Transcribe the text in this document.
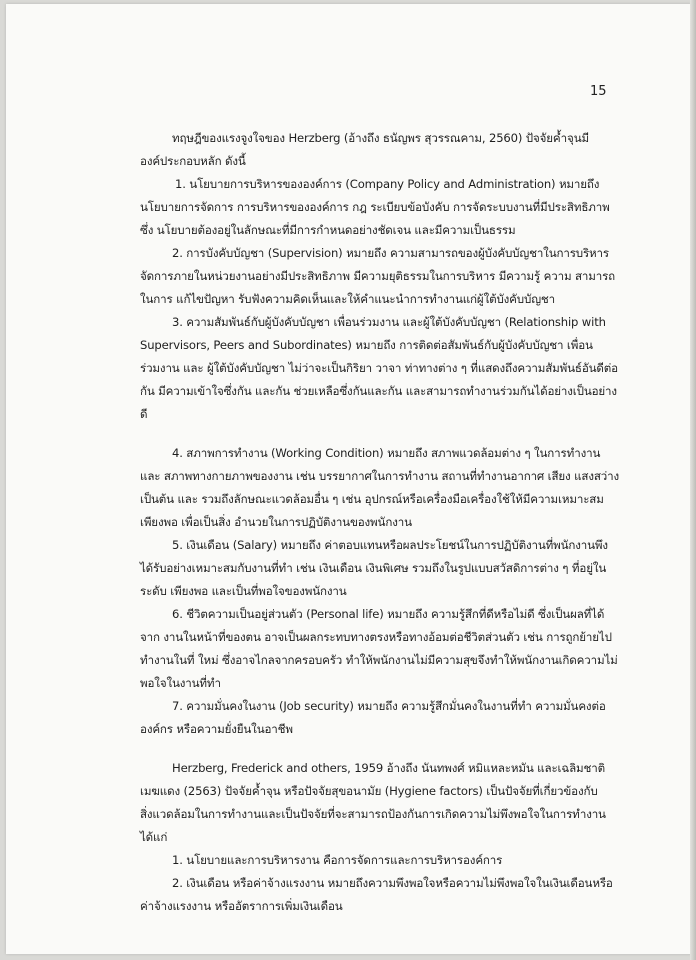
15
ทฤษฎีของแรงจูงใจของ Herzberg (อ้างถึง ธนัญพร สุวรรณคาม, 2560) ปัจจัยค้ำจุนมี
องค์ประกอบหลัก ดังนี้
1. นโยบายการบริหารขององค์การ (Company Policy and Administration) หมายถึง
นโยบายการจัดการ การบริหารขององค์การ กฎ ระเบียบข้อบังคับ การจัดระบบงานที่มีประสิทธิภาพ
ซึ่ง นโยบายต้องอยู่ในลักษณะที่มีการกำหนดอย่างชัดเจน และมีความเป็นธรรม
2. การบังคับบัญชา (Supervision) หมายถึง ความสามารถของผู้บังคับบัญชาในการบริหาร
จัดการภายในหน่วยงานอย่างมีประสิทธิภาพ มีความยุติธรรมในการบริหาร มีความรู้ ความ สามารถ
ในการ แก้ไขปัญหา รับฟังความคิดเห็นและให้คำแนะนำการทำงานแก่ผู้ใต้บังคับบัญชา
3. ความสัมพันธ์กับผู้บังคับบัญชา เพื่อนร่วมงาน และผู้ใต้บังคับบัญชา (Relationship with
Supervisors, Peers and Subordinates) หมายถึง การติดต่อสัมพันธ์กับผู้บังคับบัญชา เพื่อน
ร่วมงาน และ ผู้ใต้บังคับบัญชา ไม่ว่าจะเป็นกิริยา วาจา ท่าทางต่าง ๆ ที่แสดงถึงความสัมพันธ์อันดีต่อ
กัน มีความเข้าใจซึ่งกัน และกัน ช่วยเหลือซึ่งกันและกัน และสามารถทำงานร่วมกันได้อย่างเป็นอย่าง
ดี
4. สภาพการทำงาน (Working Condition) หมายถึง สภาพแวดล้อมต่าง ๆ ในการทำงาน
และ สภาพทางกายภาพของงาน เช่น บรรยากาศในการทำงาน สถานที่ทำงานอากาศ เสียง แสงสว่าง
เป็นต้น และ รวมถึงลักษณะแวดล้อมอื่น ๆ เช่น อุปกรณ์หรือเครื่องมือเครื่องใช้ให้มีความเหมาะสม
เพียงพอ เพื่อเป็นสิ่ง อำนวยในการปฏิบัติงานของพนักงาน
5. เงินเดือน (Salary) หมายถึง ค่าตอบแทนหรือผลประโยชน์ในการปฏิบัติงานที่พนักงานพึง
ได้รับอย่างเหมาะสมกับงานที่ทำ เช่น เงินเดือน เงินพิเศษ รวมถึงในรูปแบบสวัสดิการต่าง ๆ ที่อยู่ใน
ระดับ เพียงพอ และเป็นที่พอใจของพนักงาน
6. ชีวิตความเป็นอยู่ส่วนตัว (Personal life) หมายถึง ความรู้สึกที่ดีหรือไม่ดี ซึ่งเป็นผลที่ได้
จาก งานในหน้าที่ของตน อาจเป็นผลกระทบทางตรงหรือทางอ้อมต่อชีวิตส่วนตัว เช่น การถูกย้ายไป
ทำงานในที่ ใหม่ ซึ่งอาจไกลจากครอบครัว ทำให้พนักงานไม่มีความสุขจึงทำให้พนักงานเกิดความไม่
พอใจในงานที่ทำ
7. ความมั่นคงในงาน (Job security) หมายถึง ความรู้สึกมั่นคงในงานที่ทำ ความมั่นคงต่อ
องค์กร หรือความยั่งยืนในอาชีพ
Herzberg, Frederick and others, 1959 อ้างถึง นันทพงศ์ หมิแหละหมัน และเฉลิมชาติ
เมฆแดง (2563) ปัจจัยค้ำจุน หรือปัจจัยสุขอนามัย (Hygiene factors) เป็นปัจจัยที่เกี่ยวข้องกับ
สิ่งแวดล้อมในการทำงานและเป็นปัจจัยที่จะสามารถป้องกันการเกิดความไม่พึงพอใจในการทำงาน
ได้แก่
1. นโยบายและการบริหารงาน คือการจัดการและการบริหารองค์การ
2. เงินเดือน หรือค่าจ้างแรงงาน หมายถึงความพึงพอใจหรือความไม่พึงพอใจในเงินเดือนหรือ
ค่าจ้างแรงงาน หรืออัตราการเพิ่มเงินเดือน
